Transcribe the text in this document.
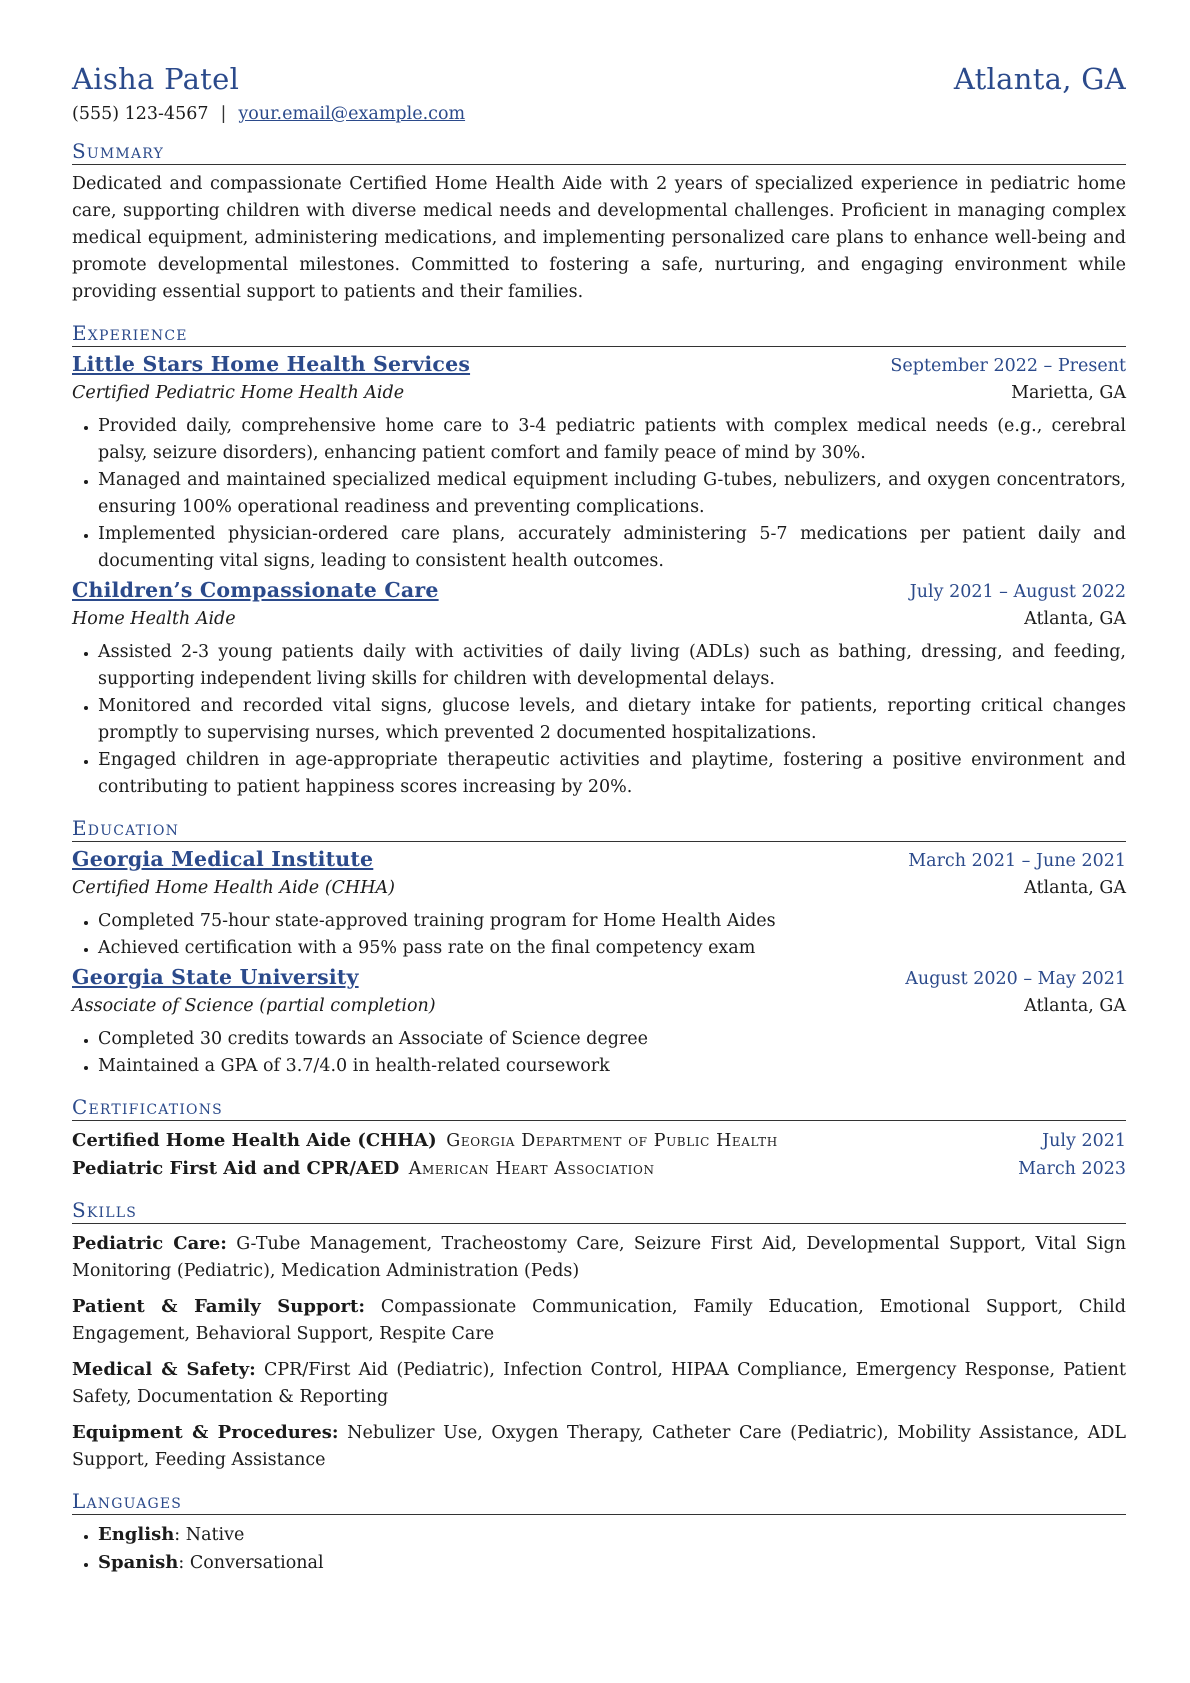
Aisha Patel	Atlanta, GA
(555) 123-4567 | your.email@example.com
Summary

Dedicated and compassionate Certified Home Health Aide with 2 years of specialized experience in pediatric home care, supporting children with diverse medical needs and developmental challenges. Proficient in managing complex medical equipment, administering medications, and implementing personalized care plans to enhance well-being and promote developmental milestones. Committed to fostering a safe, nurturing, and engaging environment while providing essential support to patients and their families.

Experience
Little Stars Home Health Services	September 2022 – Present
Certified Pediatric Home Health Aide	Marietta, GA
• Provided daily, comprehensive home care to 3-4 pediatric patients with complex medical needs (e.g., cerebral palsy, seizure disorders), enhancing patient comfort and family peace of mind by 30%.
• Managed and maintained specialized medical equipment including G-tubes, nebulizers, and oxygen concentrators, ensuring 100% operational readiness and preventing complications.
• Implemented physician-ordered care plans, accurately administering 5-7 medications per patient daily and documenting vital signs, leading to consistent health outcomes.
Children’s Compassionate Care	July 2021 – August 2022
Home Health Aide	Atlanta, GA
• Assisted 2-3 young patients daily with activities of daily living (ADLs) such as bathing, dressing, and feeding, supporting independent living skills for children with developmental delays.
• Monitored and recorded vital signs, glucose levels, and dietary intake for patients, reporting critical changes promptly to supervising nurses, which prevented 2 documented hospitalizations.
• Engaged children in age-appropriate therapeutic activities and playtime, fostering a positive environment and contributing to patient happiness scores increasing by 20%.
Education
Georgia Medical Institute	March 2021 – June 2021
Certified Home Health Aide (CHHA)	Atlanta, GA
• Completed 75-hour state-approved training program for Home Health Aides
• Achieved certification with a 95% pass rate on the final competency exam
Georgia State University	August 2020 – May 2021
Associate of Science (partial completion)	Atlanta, GA
• Completed 30 credits towards an Associate of Science degree
• Maintained a GPA of 3.7/4.0 in health-related coursework
Certifications
Certified Home Health Aide (CHHA) Georgia Department of Public Health	July 2021
Pediatric First Aid and CPR/AED American Heart Association	March 2023
Skills
Pediatric Care: G-Tube Management, Tracheostomy Care, Seizure First Aid, Developmental Support, Vital Sign Monitoring (Pediatric), Medication Administration (Peds)
Patient & Family Support: Compassionate Communication, Family Education, Emotional Support, Child Engagement, Behavioral Support, Respite Care
Medical & Safety: CPR/First Aid (Pediatric), Infection Control, HIPAA Compliance, Emergency Response, Patient Safety, Documentation & Reporting
Equipment & Procedures: Nebulizer Use, Oxygen Therapy, Catheter Care (Pediatric), Mobility Assistance, ADL Support, Feeding Assistance
Languages
• English: Native
• Spanish: Conversational
